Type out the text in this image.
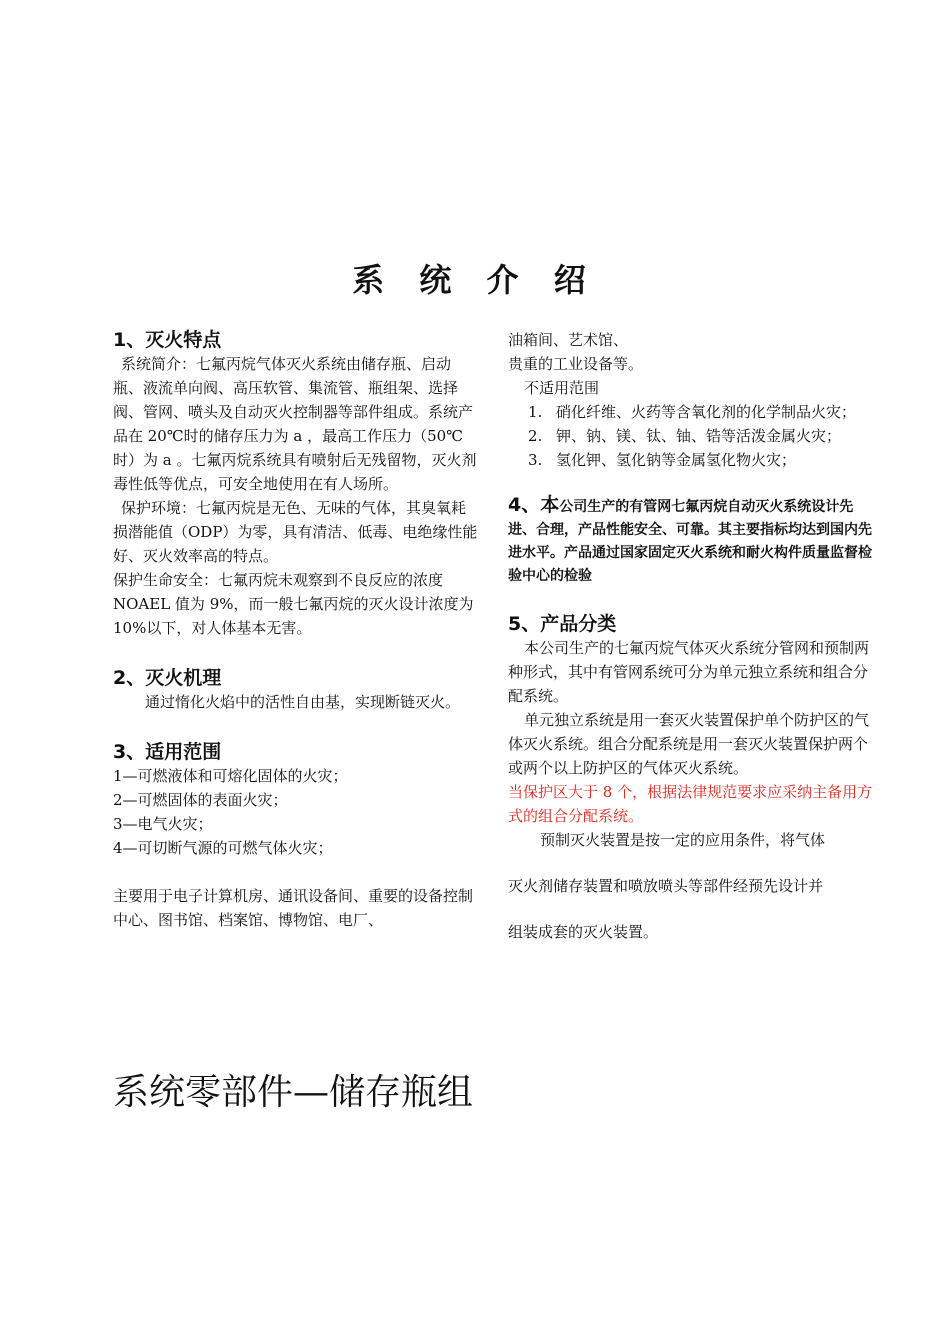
系 统 介 绍
1、灭火特点

系统简介：七氟丙烷气体灭火系统由储存瓶、启动瓶、液流单向阀、高压软管、集流管、瓶组架、选择阀、管网、喷头及自动灭火控制器等部件组成。系统产品在 20℃时的储存压力为 a ，最高工作压力（50℃时）为 a 。七氟丙烷系统具有喷射后无残留物，灭火剂毒性低等优点，可安全地使用在有人场所。

保护环境：七氟丙烷是无色、无味的气体，其臭氧耗损潜能值（ODP）为零，具有清洁、低毒、电绝缘性能好、灭火效率高的特点。

保护生命安全：七氟丙烷未观察到不良反应的浓度 NOAEL 值为 9%，而一般七氟丙烷的灭火设计浓度为 10%以下，对人体基本无害。

2、灭火机理

通过惰化火焰中的活性自由基，实现断链灭火。

3、适用范围

1—可燃液体和可熔化固体的火灾；

2—可燃固体的表面火灾；

3—电气火灾；

4—可切断气源的可燃气体火灾；

主要用于电子计算机房、通讯设备间、重要的设备控制中心、图书馆、档案馆、博物馆、电厂、

油箱间、艺术馆、

贵重的工业设备等。

不适用范围

1. 硝化纤维、火药等含氧化剂的化学制品火灾；
2. 钾、钠、镁、钛、铀、锆等活泼金属火灾；
3. 氢化钾、氢化钠等金属氢化物火灾；

4、本公司生产的有管网七氟丙烷自动灭火系统设计先进、合理，产品性能安全、可靠。其主要指标均达到国内先进水平。产品通过国家固定灭火系统和耐火构件质量监督检验中心的检验

5、产品分类

本公司生产的七氟丙烷气体灭火系统分管网和预制两种形式，其中有管网系统可分为单元独立系统和组合分配系统。

单元独立系统是用一套灭火装置保护单个防护区的气体灭火系统。组合分配系统是用一套灭火装置保护两个或两个以上防护区的气体灭火系统。

当保护区大于 8 个，根据法律规范要求应采纳主备用方式的组合分配系统。

预制灭火装置是按一定的应用条件，将气体

灭火剂储存装置和喷放喷头等部件经预先设计并

组装成套的灭火装置。

系统零部件—储存瓶组
